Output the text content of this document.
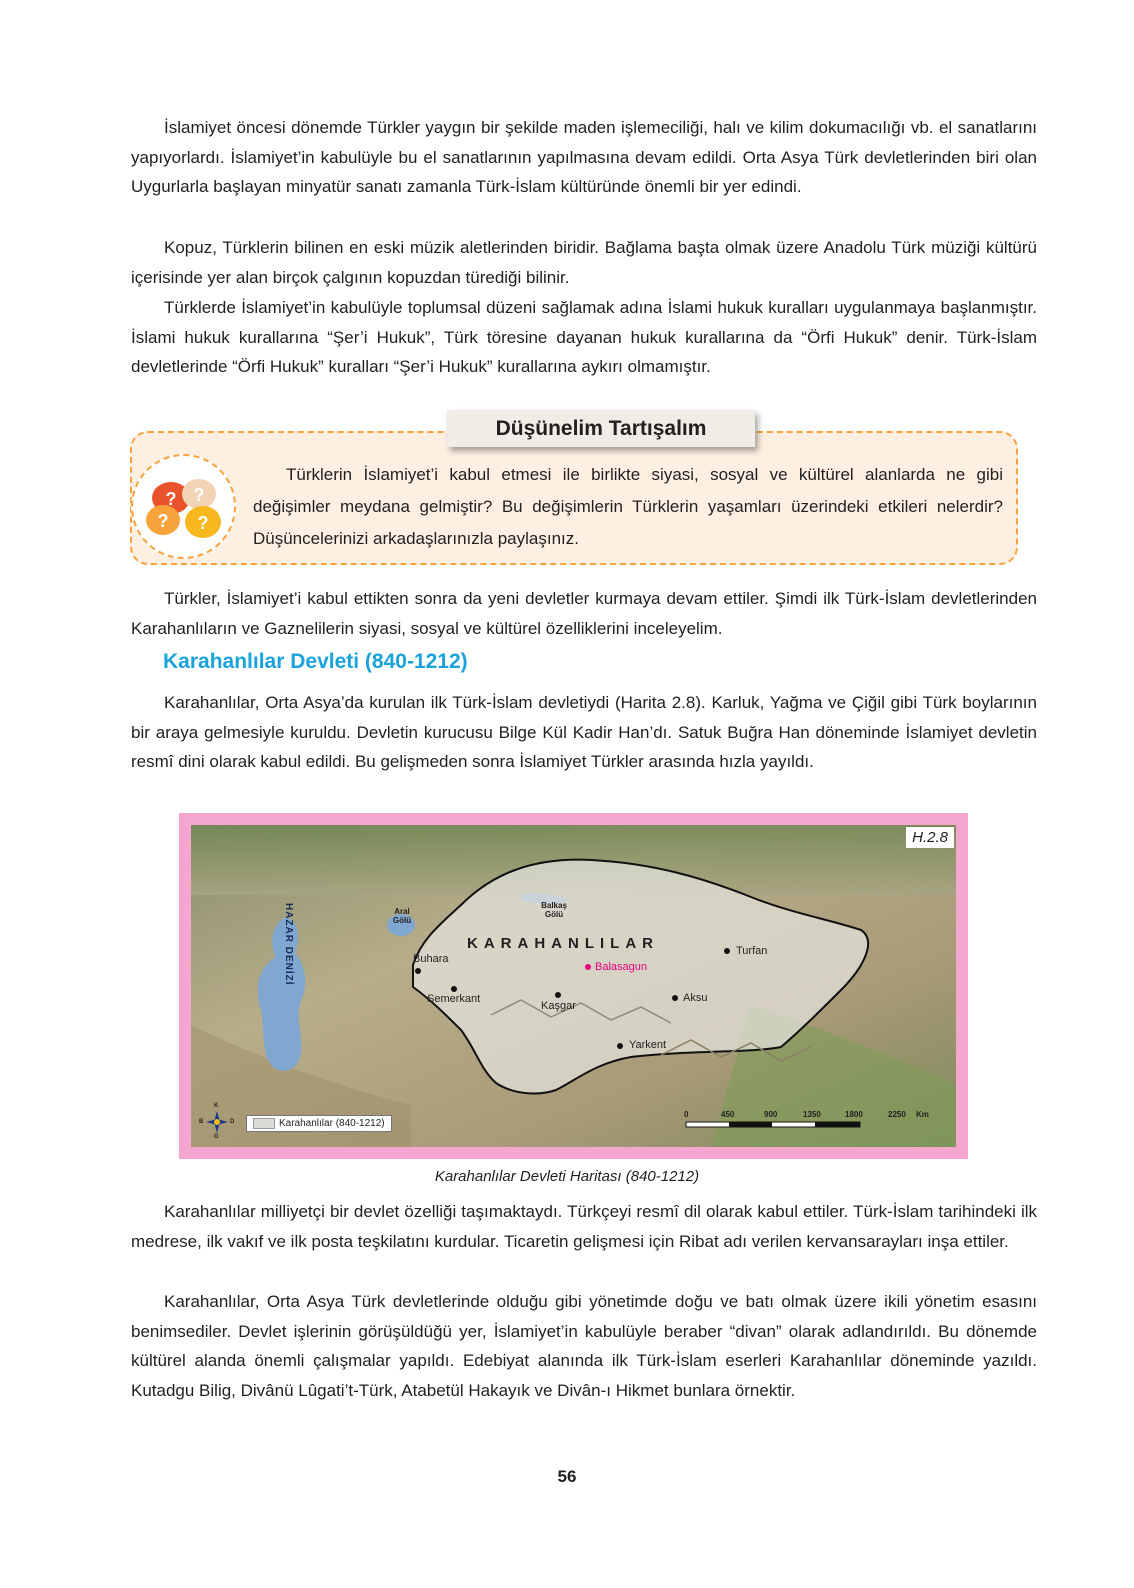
İslamiyet öncesi dönemde Türkler yaygın bir şekilde maden işlemeciliği, halı ve kilim dokumacılığı vb. el sanatlarını yapıyorlardı. İslamiyet’in kabulüyle bu el sanatlarının yapılmasına devam edildi. Orta Asya Türk devletlerinden biri olan Uygurlarla başlayan minyatür sanatı zamanla Türk-İslam kültüründe önemli bir yer edindi.

Kopuz, Türklerin bilinen en eski müzik aletlerinden biridir. Bağlama başta olmak üzere Anadolu Türk müziği kültürü içerisinde yer alan birçok çalgının kopuzdan türediği bilinir.

Türklerde İslamiyet’in kabulüyle toplumsal düzeni sağlamak adına İslami hukuk kuralları uygulanmaya başlanmıştır. İslami hukuk kurallarına “Şer’i Hukuk”, Türk töresine dayanan hukuk kurallarına da “Örfi Hukuk” denir. Türk-İslam devletlerinde “Örfi Hukuk” kuralları “Şer’i Hukuk” kurallarına aykırı olmamıştır.

Düşünelim Tartışalım
? ?
? ?

Türklerin İslamiyet’i kabul etmesi ile birlikte siyasi, sosyal ve kültürel alanlarda ne gibi değişimler meydana gelmiştir? Bu değişimlerin Türklerin yaşamları üzerindeki etkileri nelerdir? Düşüncelerinizi arkadaşlarınızla paylaşınız.

Türkler, İslamiyet’i kabul ettikten sonra da yeni devletler kurmaya devam ettiler. Şimdi ilk Türk-İslam devletlerinden Karahanlıların ve Gaznelilerin siyasi, sosyal ve kültürel özelliklerini inceleyelim.

Karahanlılar Devleti (840-1212)

Karahanlılar, Orta Asya’da kurulan ilk Türk-İslam devletiydi (Harita 2.8). Karluk, Yağma ve Çiğil gibi Türk boylarının bir araya gelmesiyle kuruldu. Devletin kurucusu Bilge Kül Kadir Han’dı. Satuk Buğra Han döneminde İslamiyet devletin resmî dini olarak kabul edildi. Bu gelişmeden sonra İslamiyet Türkler arasında hızla yayıldı.

H.2.8
HAZAR DENİZİ	Aral
Gölü
Balkaş
Gölü
KARAHANLILAR
Buhara
Semerkant
Kaşgar
Balasagun
Turfan
Aksu
Yarkent
Karahanlılar (840-1212)
0	450	900	1350	1800	2250 Km
K
G
B	D

Karahanlılar Devleti Haritası (840-1212)

Karahanlılar milliyetçi bir devlet özelliği taşımaktaydı. Türkçeyi resmî dil olarak kabul ettiler. Türk-İslam tarihindeki ilk medrese, ilk vakıf ve ilk posta teşkilatını kurdular. Ticaretin gelişmesi için Ribat adı verilen kervansarayları inşa ettiler.

Karahanlılar, Orta Asya Türk devletlerinde olduğu gibi yönetimde doğu ve batı olmak üzere ikili yönetim esasını benimsediler. Devlet işlerinin görüşüldüğü yer, İslamiyet’in kabulüyle beraber “divan” olarak adlandırıldı. Bu dönemde kültürel alanda önemli çalışmalar yapıldı. Edebiyat alanında ilk Türk-İslam eserleri Karahanlılar döneminde yazıldı. Kutadgu Bilig, Divânü Lûgati’t-Türk, Atabetül Hakayık ve Divân-ı Hikmet bunlara örnektir.

56
